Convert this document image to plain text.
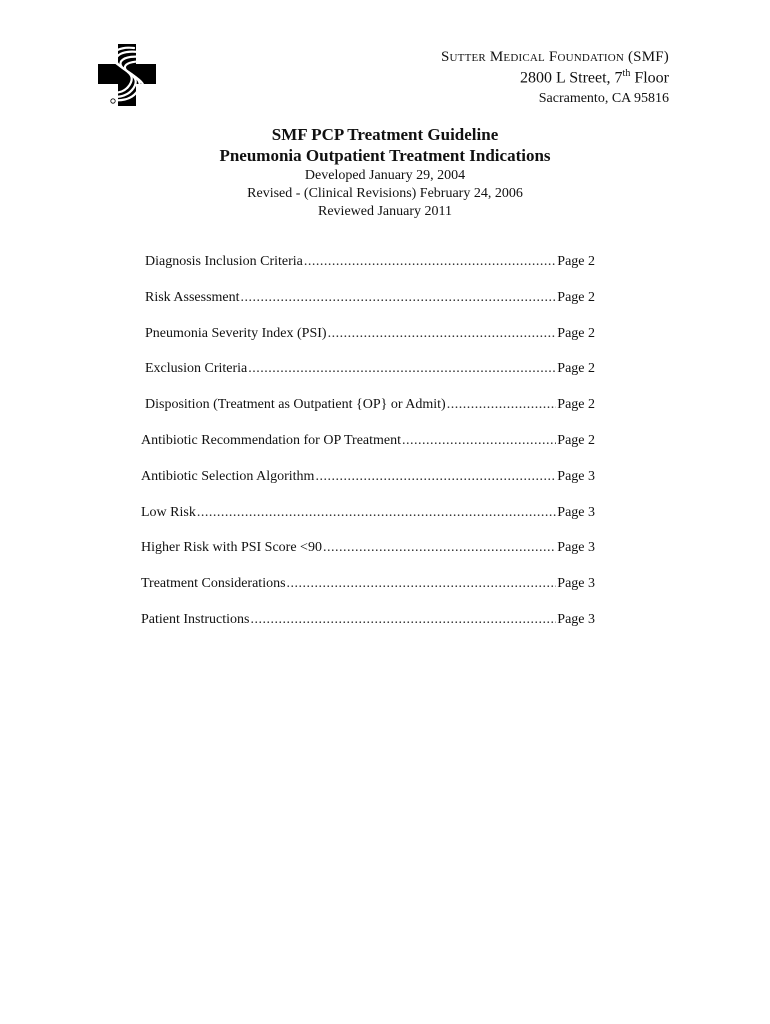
Sutter Medical Foundation (SMF)
2800 L Street, 7th Floor
Sacramento, CA 95816
SMF PCP Treatment Guideline
Pneumonia Outpatient Treatment Indications
Developed January 29, 2004
Revised - (Clinical Revisions) February 24, 2006
Reviewed January 2011
Diagnosis Inclusion Criteria .....	Page 2
Risk Assessment .....	Page 2
Pneumonia Severity Index (PSI) .....	Page 2
Exclusion Criteria .....	Page 2
Disposition (Treatment as Outpatient {OP} or Admit) .....	Page 2
Antibiotic Recommendation for OP Treatment .....	Page 2
Antibiotic Selection Algorithm .....	Page 3
Low Risk .....	Page 3
Higher Risk with PSI Score <90 .....	Page 3
Treatment Considerations .....	Page 3
Patient Instructions .....	Page 3
